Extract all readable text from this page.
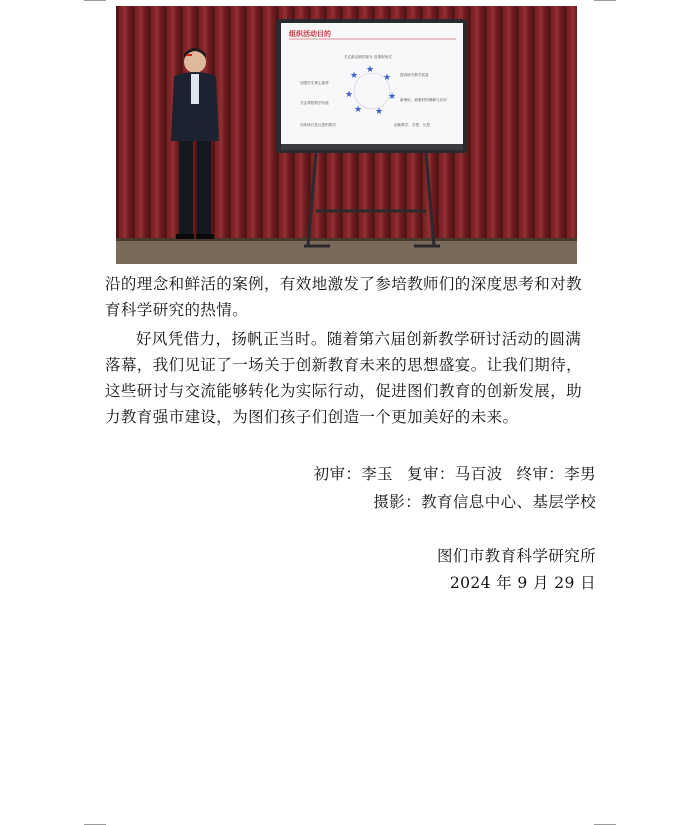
组织活动目的
★
★
★
★
★
★
★
关注最活跃的部分 及课程形式
提高研究教学质量
新理论、新教材的理解与应用
加强学生核心素养
关注课程教学价值
创新教学、学思、反思
同伴研讨及反思的教学
沿的理念和鲜活的案例，有效地激发了参培教师们的深度思考和对教
育科学研究的热情。
好风凭借力，扬帆正当时。随着第六届创新教学研讨活动的圆满
落幕，我们见证了一场关于创新教育未来的思想盛宴。让我们期待，
这些研讨与交流能够转化为实际行动，促进图们教育的创新发展，助
力教育强市建设，为图们孩子们创造一个更加美好的未来。
初审：李玉 复审：马百波 终审：李男
摄影：教育信息中心、基层学校
图们市教育科学研究所
2024 年 9 月 29 日
